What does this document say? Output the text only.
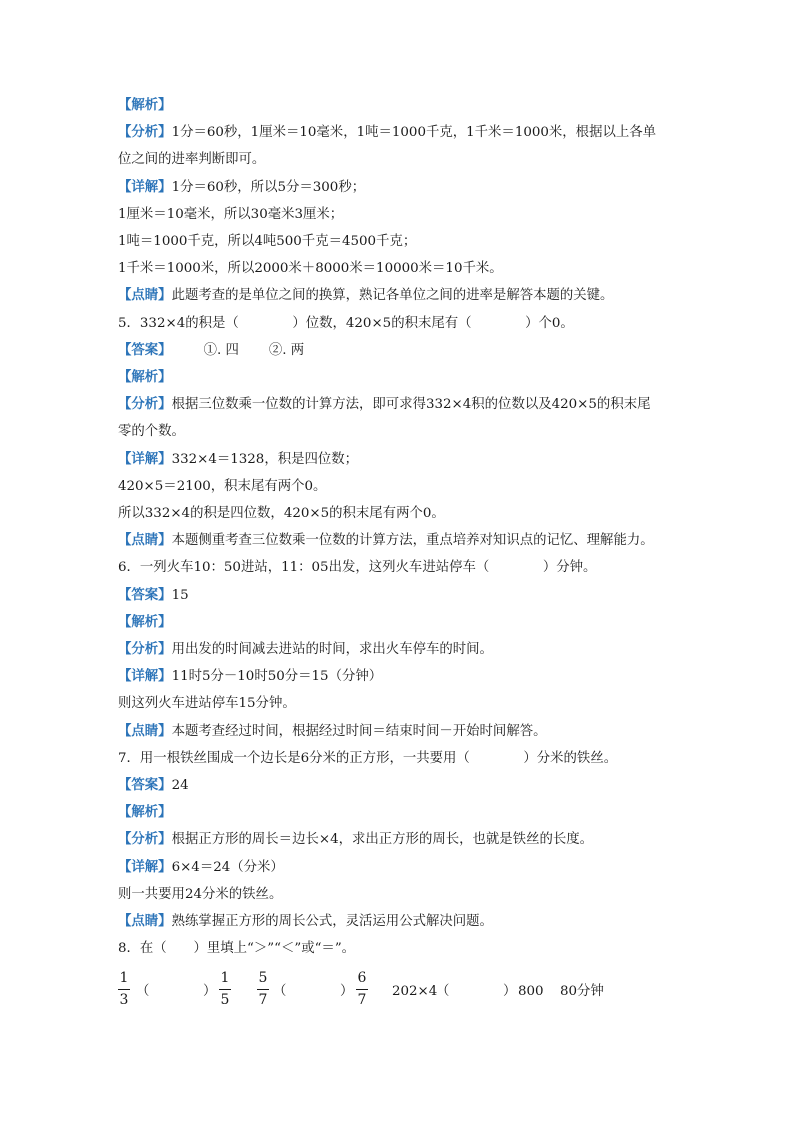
【解析】
【分析】1分＝60秒，1厘米＝10毫米，1吨＝1000千克，1千米＝1000米，根据以上各单
位之间的进率判断即可。
【详解】1分＝60秒，所以5分＝300秒；
1厘米＝10毫米，所以30毫米3厘米；
1吨＝1000千克，所以4吨500千克＝4500千克；
1千米＝1000米，所以2000米＋8000米＝10000米＝10千米。
【点睛】此题考查的是单位之间的换算，熟记各单位之间的进率是解答本题的关键。
5．332×4的积是（　　　　）位数，420×5的积末尾有（　　　　）个0。
【答案】 ①. 四 ②. 两
【解析】
【分析】根据三位数乘一位数的计算方法，即可求得332×4积的位数以及420×5的积末尾
零的个数。
【详解】332×4＝1328，积是四位数；
420×5＝2100，积末尾有两个0。
所以332×4的积是四位数，420×5的积末尾有两个0。
【点睛】本题侧重考查三位数乘一位数的计算方法，重点培养对知识点的记忆、理解能力。
6．一列火车10：50进站，11：05出发，这列火车进站停车（　　　　）分钟。
【答案】15
【解析】
【分析】用出发的时间减去进站的时间，求出火车停车的时间。
【详解】11时5分－10时50分＝15（分钟）
则这列火车进站停车15分钟。
【点睛】本题考查经过时间，根据经过时间＝结束时间－开始时间解答。
7．用一根铁丝围成一个边长是6分米的正方形，一共要用（　　　　）分米的铁丝。
【答案】24
【解析】
【分析】根据正方形的周长＝边长×4，求出正方形的周长，也就是铁丝的长度。
【详解】6×4＝24（分米）
则一共要用24分米的铁丝。
【点睛】熟练掌握正方形的周长公式，灵活运用公式解决问题。
8．在（　　）里填上“＞”“＜”或“＝”。
1
3
（　　　　）
1
5
5
7
（　　　　）
6
7
202×4
（　　　　） 800 80分钟
